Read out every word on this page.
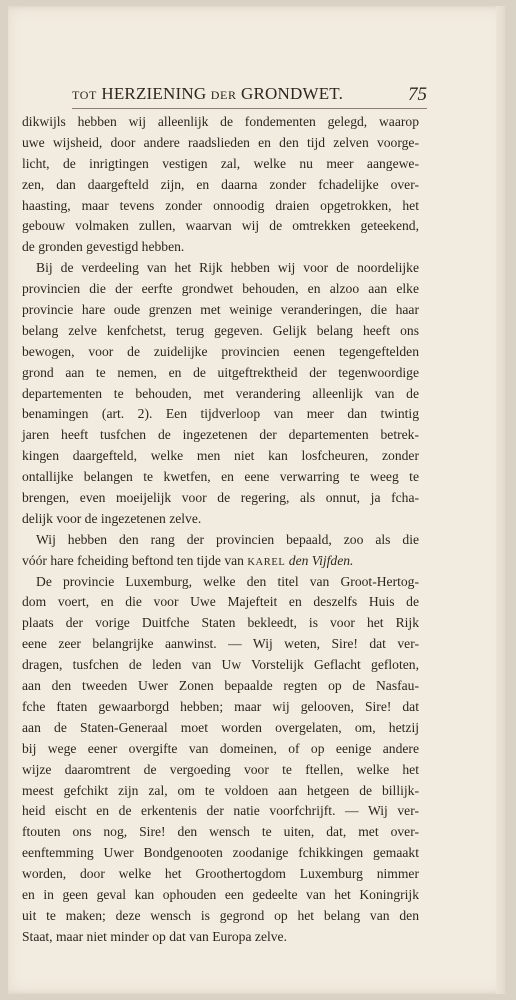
TOT HERZIENING DER GRONDWET.	75
dikwijls hebben wij alleenlijk de fondementen gelegd, waarop
uwe wijsheid, door andere raadslieden en den tijd zelven voorge-
licht, de inrigtingen vestigen zal, welke nu meer aangewe-
zen, dan daargefteld zijn, en daarna zonder fchadelijke over-
haasting, maar tevens zonder onnoodig draien opgetrokken, het
gebouw volmaken zullen, waarvan wij de omtrekken geteekend,
de gronden gevestigd hebben.
Bij de verdeeling van het Rijk hebben wij voor de noordelijke
provincien die der eerfte grondwet behouden, en alzoo aan elke
provincie hare oude grenzen met weinige veranderingen, die haar
belang zelve kenfchetst, terug gegeven. Gelijk belang heeft ons
bewogen, voor de zuidelijke provincien eenen tegengeftelden
grond aan te nemen, en de uitgeftrektheid der tegenwoordige
departementen te behouden, met verandering alleenlijk van de
benamingen (art. 2). Een tijdverloop van meer dan twintig
jaren heeft tusfchen de ingezetenen der departementen betrek-
kingen daargefteld, welke men niet kan losfcheuren, zonder
ontallijke belangen te kwetfen, en eene verwarring te weeg te
brengen, even moeijelijk voor de regering, als onnut, ja fcha-
delijk voor de ingezetenen zelve.
Wij hebben den rang der provincien bepaald, zoo als die
vóór hare fcheiding beftond ten tijde van KAREL den Vijfden.
De provincie Luxemburg, welke den titel van Groot-Hertog-
dom voert, en die voor Uwe Majefteit en deszelfs Huis de
plaats der vorige Duitfche Staten bekleedt, is voor het Rijk
eene zeer belangrijke aanwinst. — Wij weten, Sire! dat ver-
dragen, tusfchen de leden van Uw Vorstelijk Geflacht gefloten,
aan den tweeden Uwer Zonen bepaalde regten op de Nasfau-
fche ftaten gewaarborgd hebben; maar wij gelooven, Sire! dat
aan de Staten-Generaal moet worden overgelaten, om, hetzij
bij wege eener overgifte van domeinen, of op eenige andere
wijze daaromtrent de vergoeding voor te ftellen, welke het
meest gefchikt zijn zal, om te voldoen aan hetgeen de billijk-
heid eischt en de erkentenis der natie voorfchrijft. — Wij ver-
ftouten ons nog, Sire! den wensch te uiten, dat, met over-
eenftemming Uwer Bondgenooten zoodanige fchikkingen gemaakt
worden, door welke het Groothertogdom Luxemburg nimmer
en in geen geval kan ophouden een gedeelte van het Koningrijk
uit te maken; deze wensch is gegrond op het belang van den
Staat, maar niet minder op dat van Europa zelve.
